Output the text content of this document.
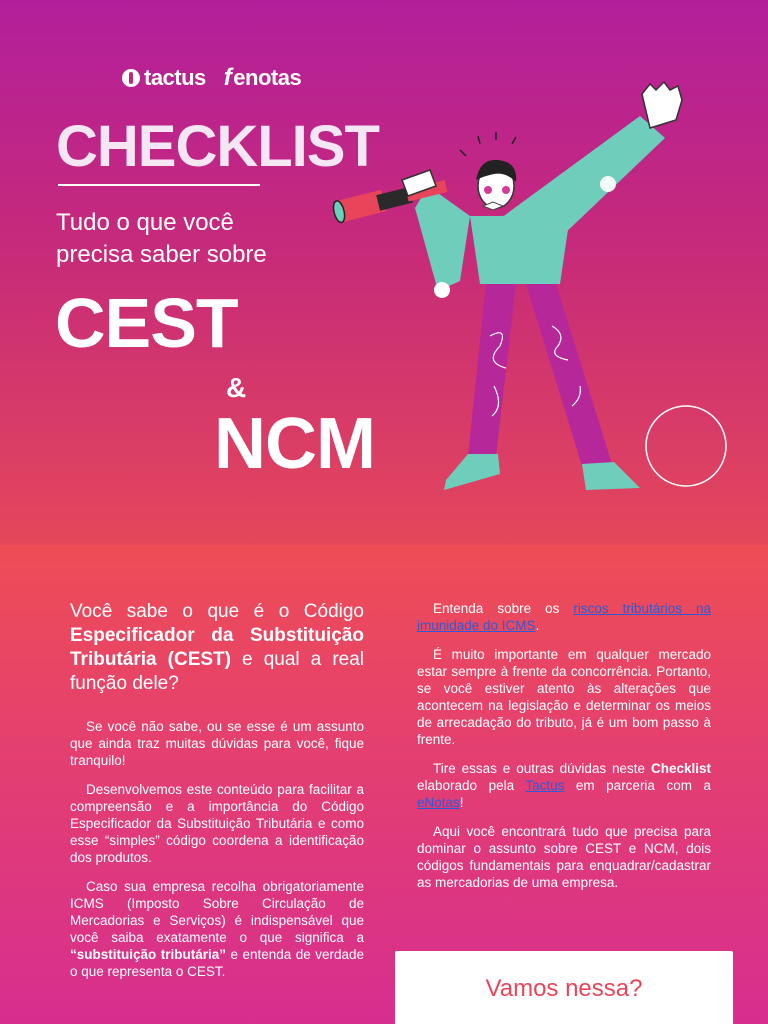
tactus f enotas
CHECKLIST
Tudo o que você
precisa saber sobre
CEST
&
NCM

Você sabe o que é o Código Especificador da Substituição Tributária (CEST) e qual a real função dele?

Se você não sabe, ou se esse é um assunto que ainda traz muitas dúvidas para você, fique tranquilo!

Desenvolvemos este conteúdo para facilitar a compreensão e a importância do Código Especificador da Substituição Tributária e como esse “simples” código coordena a identificação dos produtos.

Caso sua empresa recolha obrigatoriamente ICMS (Imposto Sobre Circulação de Mercadorias e Serviços) é indispensável que você saiba exatamente o que significa a “substituição tributária” e entenda de verdade o que representa o CEST.

Entenda sobre os riscos tributários na imunidade do ICMS.

É muito importante em qualquer mercado estar sempre à frente da concorrência. Portanto, se você estiver atento às alterações que acontecem na legislação e determinar os meios de arrecadação do tributo, já é um bom passo à frente.

Tire essas e outras dúvidas neste Checklist elaborado pela Tactus em parceria com a eNotas!

Aqui você encontrará tudo que precisa para dominar o assunto sobre CEST e NCM, dois códigos fundamentais para enquadrar/cadastrar as mercadorias de uma empresa.

Vamos nessa?
